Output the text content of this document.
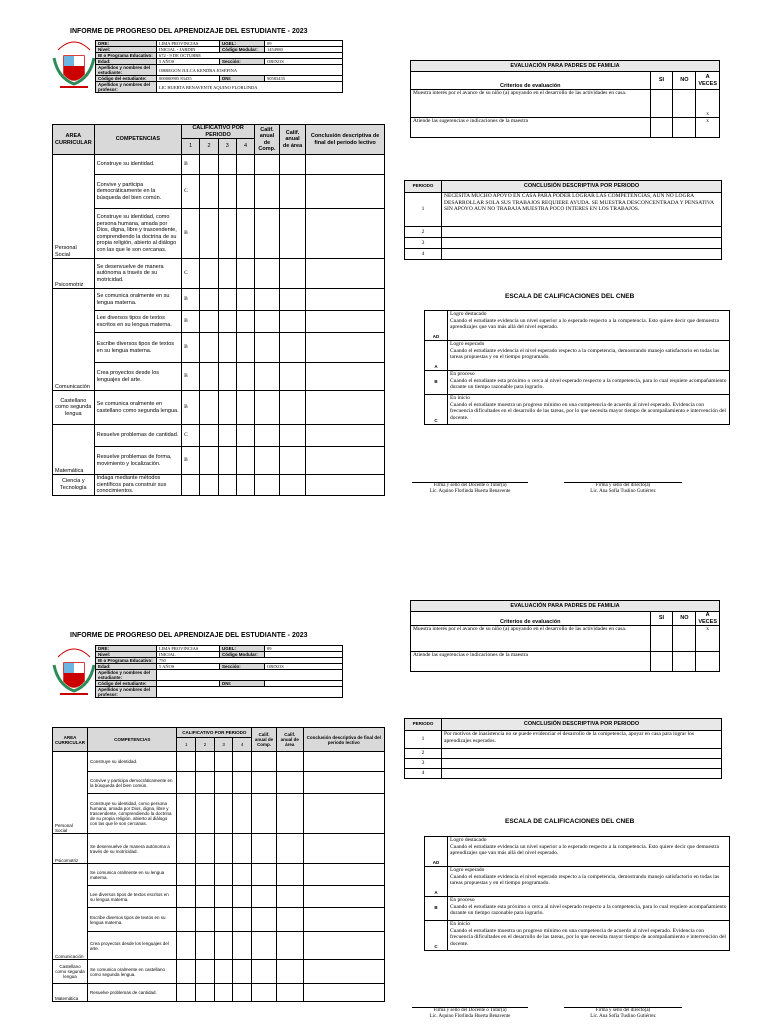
INFORME DE PROGRESO DEL APRENDIZAJE DEL ESTUDIANTE - 2023
DRE:	LIMA PROVINCIAS	UGEL:	09
Nivel:	INICIAL - JARDIN	Código Modular:	1454980
IE o Programa Educativo:	672 - 9 DE OCTUBRE		
Edad:	5 AÑOS	Sección:	ORIXOS
Apellidos y nombres del estudiante:	OBREGON JULCA KENDRA JOSEFINA		
Código del estudiante:	000000905 83435	DNI:	90583435
Apellidos y nombres del profesor:	LIC HUERTA BENAVENTE AQUINO FLORLINDA		
AREA CURRICULAR	COMPETENCIAS	CALIFICATIVO POR PERIODO				Calif. anual de Comp.	Calif. anual de área	Conclusión descriptiva de final del periodo lectivo
		1	2	3	4			
Personal Social	Construye su identidad.	B						
	Convive y participa democráticamente en la búsqueda del bien común.	C						
	Construye su identidad, como persona humana, amada por Dios, digna, libre y trascendente, comprendiendo la doctrina de su propia religión, abierto al diálogo con las que le son cercanas.	B						
Psicomotriz	Se desenvuelve de manera autónoma a través de su motricidad.	C						
Comunicación	Se comunica oralmente en su lengua materna.	B						
	Lee diversos tipos de textos escritos en su lengua materna.	B						
	Escribe diversos tipos de textos en su lengua materna.	B						
	Crea proyectos desde los lenguajes del arte.	B						
Castellano como segunda lengua	Se comunica oralmente en castellano como segunda lengua.	B						
Matemática	Resuelve problemas de cantidad.	C						
	Resuelve problemas de forma, movimiento y localización.	B						
Ciencia y Tecnología	Indaga mediante métodos científicos para construir sus conocimientos.							
EVALUACIÓN PARA PADRES DE FAMILIA			
Criterios de evaluación	SI	NO	A VECES
Muestra interés por el avance de su niño (a) apoyando en el desarrollo de las actividades en casa.			x
Atiende las sugerencias e indicaciones de la maestra			x
PERIODO	CONCLUSIÓN DESCRIPTIVA POR PERIODO
1	NECESITA MUCHO APOYO EN CASA PARA PODER LOGRAR LAS COMPETENCIAS, AUN NO LOGRA DESARROLLAR SOLA SUS TRABAJOS REQUIERE AYUDA. SE MUESTRA DESCONCENTRADA Y PENSATIVA SIN APOYO AUN NO TRABAJA MUESTRA POCO INTERES EN LOS TRABAJOS.
2	
3	
4	
ESCALA DE CALIFICACIONES DEL CNEB
AD	Logro destacado
Cuando el estudiante evidencia un nivel superior a lo esperado respecto a la competencia. Esto quiere decir que demuestra aprendizajes que van más allá del nivel esperado.

A	Logro esperado
Cuando el estudiante evidencia el nivel esperado respecto a la competencia, demostrando manejo satisfactorio en todas las tareas propuestas y en el tiempo programado.

B	En proceso
Cuando el estudiante esta próximo o cerca al nivel esperado respecto a la competencia, para lo cual requiere acompañamiento durante un tiempo razonable para lograrlo.

C	En inicio
Cuando el estudiante muestra un progreso mínimo en una competencia de acuerdo al nivel esperado. Evidencia con frecuencia dificultades en el desarrollo de las tareas, por lo que necesita mayor tiempo de acompañamiento e intervención del docente.
Firma y sello del Docente o Tutor(a)
Lic. Aquino Florlinda Huerta Benavente
Firma y sello del directo(a)
Lic. Ana Sofía Tuslino Gutiérrez
INFORME DE PROGRESO DEL APRENDIZAJE DEL ESTUDIANTE - 2023
DRE:	LIMA PROVINCIAS	UGEL:	09
Nivel:	INICIAL	Código Modular:	
IE o Programa Educativo:	750		
Edad:	5 AÑOS	Sección:	ORIXOS
Apellidos y nombres del estudiante:			
Código del estudiante:		DNI:	
Apellidos y nombres del profesor:			
AREA CURRICULAR	COMPETENCIAS	CALIFICATIVO POR PERIODO				Calif. anual de Comp.	Calif. anual de área	Conclusión descriptiva de final del periodo lectivo
		1	2	3	4			
Personal Social	Construye su identidad.							
	Convive y participa democráticamente en la búsqueda del bien común.							
	Construye su identidad, como persona humana, amada por Dios, digna, libre y trascendente, comprendiendo la doctrina de su propia religión, abierto al diálogo con las que le son cercanas.							
Psicomotriz	Se desenvuelve de manera autónoma a través de su motricidad.							
Comunicación	Se comunica oralmente en su lengua materna.							
	Lee diversos tipos de textos escritos en su lengua materna.							
	Escribe diversos tipos de textos en su lengua materna.							
	Crea proyectos desde los lenguajes del arte.							
Castellano como segunda lengua	Se comunica oralmente en castellano como segunda lengua.							
Matemática	Resuelve problemas de cantidad.							
EVALUACIÓN PARA PADRES DE FAMILIA			
Criterios de evaluación	SI	NO	A VECES
Muestra interés por el avance de su niño (a) apoyando en el desarrollo de las actividades en casa.			x
Atiende las sugerencias e indicaciones de la maestra			
PERIODO	CONCLUSIÓN DESCRIPTIVA POR PERIODO
1	Por motivos de inasistencia no se puede evidenciar el desarrollo de la competencia, apoyar en casa para lograr los aprendizajes esperados.
2	
3	
4	
ESCALA DE CALIFICACIONES DEL CNEB
AD	Logro destacado
Cuando el estudiante evidencia un nivel superior a lo esperado respecto a la competencia. Esto quiere decir que demuestra aprendizajes que van más allá del nivel esperado.

A	Logro esperado
Cuando el estudiante evidencia el nivel esperado respecto a la competencia, demostrando manejo satisfactorio en todas las tareas propuestas y en el tiempo programado.

B	En proceso
Cuando el estudiante esta próximo o cerca al nivel esperado respecto a la competencia, para lo cual requiere acompañamiento durante un tiempo razonable para lograrlo.

C	En inicio
Cuando el estudiante muestra un progreso mínimo en una competencia de acuerdo al nivel esperado. Evidencia con frecuencia dificultades en el desarrollo de las tareas, por lo que necesita mayor tiempo de acompañamiento e intervención del docente.
Firma y sello del Docente o Tutor(a)
Lic. Aquino Florlinda Huerta Benavente
Firma y sello del directo(a)
Lic. Ana Sofía Tuslino Gutiérrez
